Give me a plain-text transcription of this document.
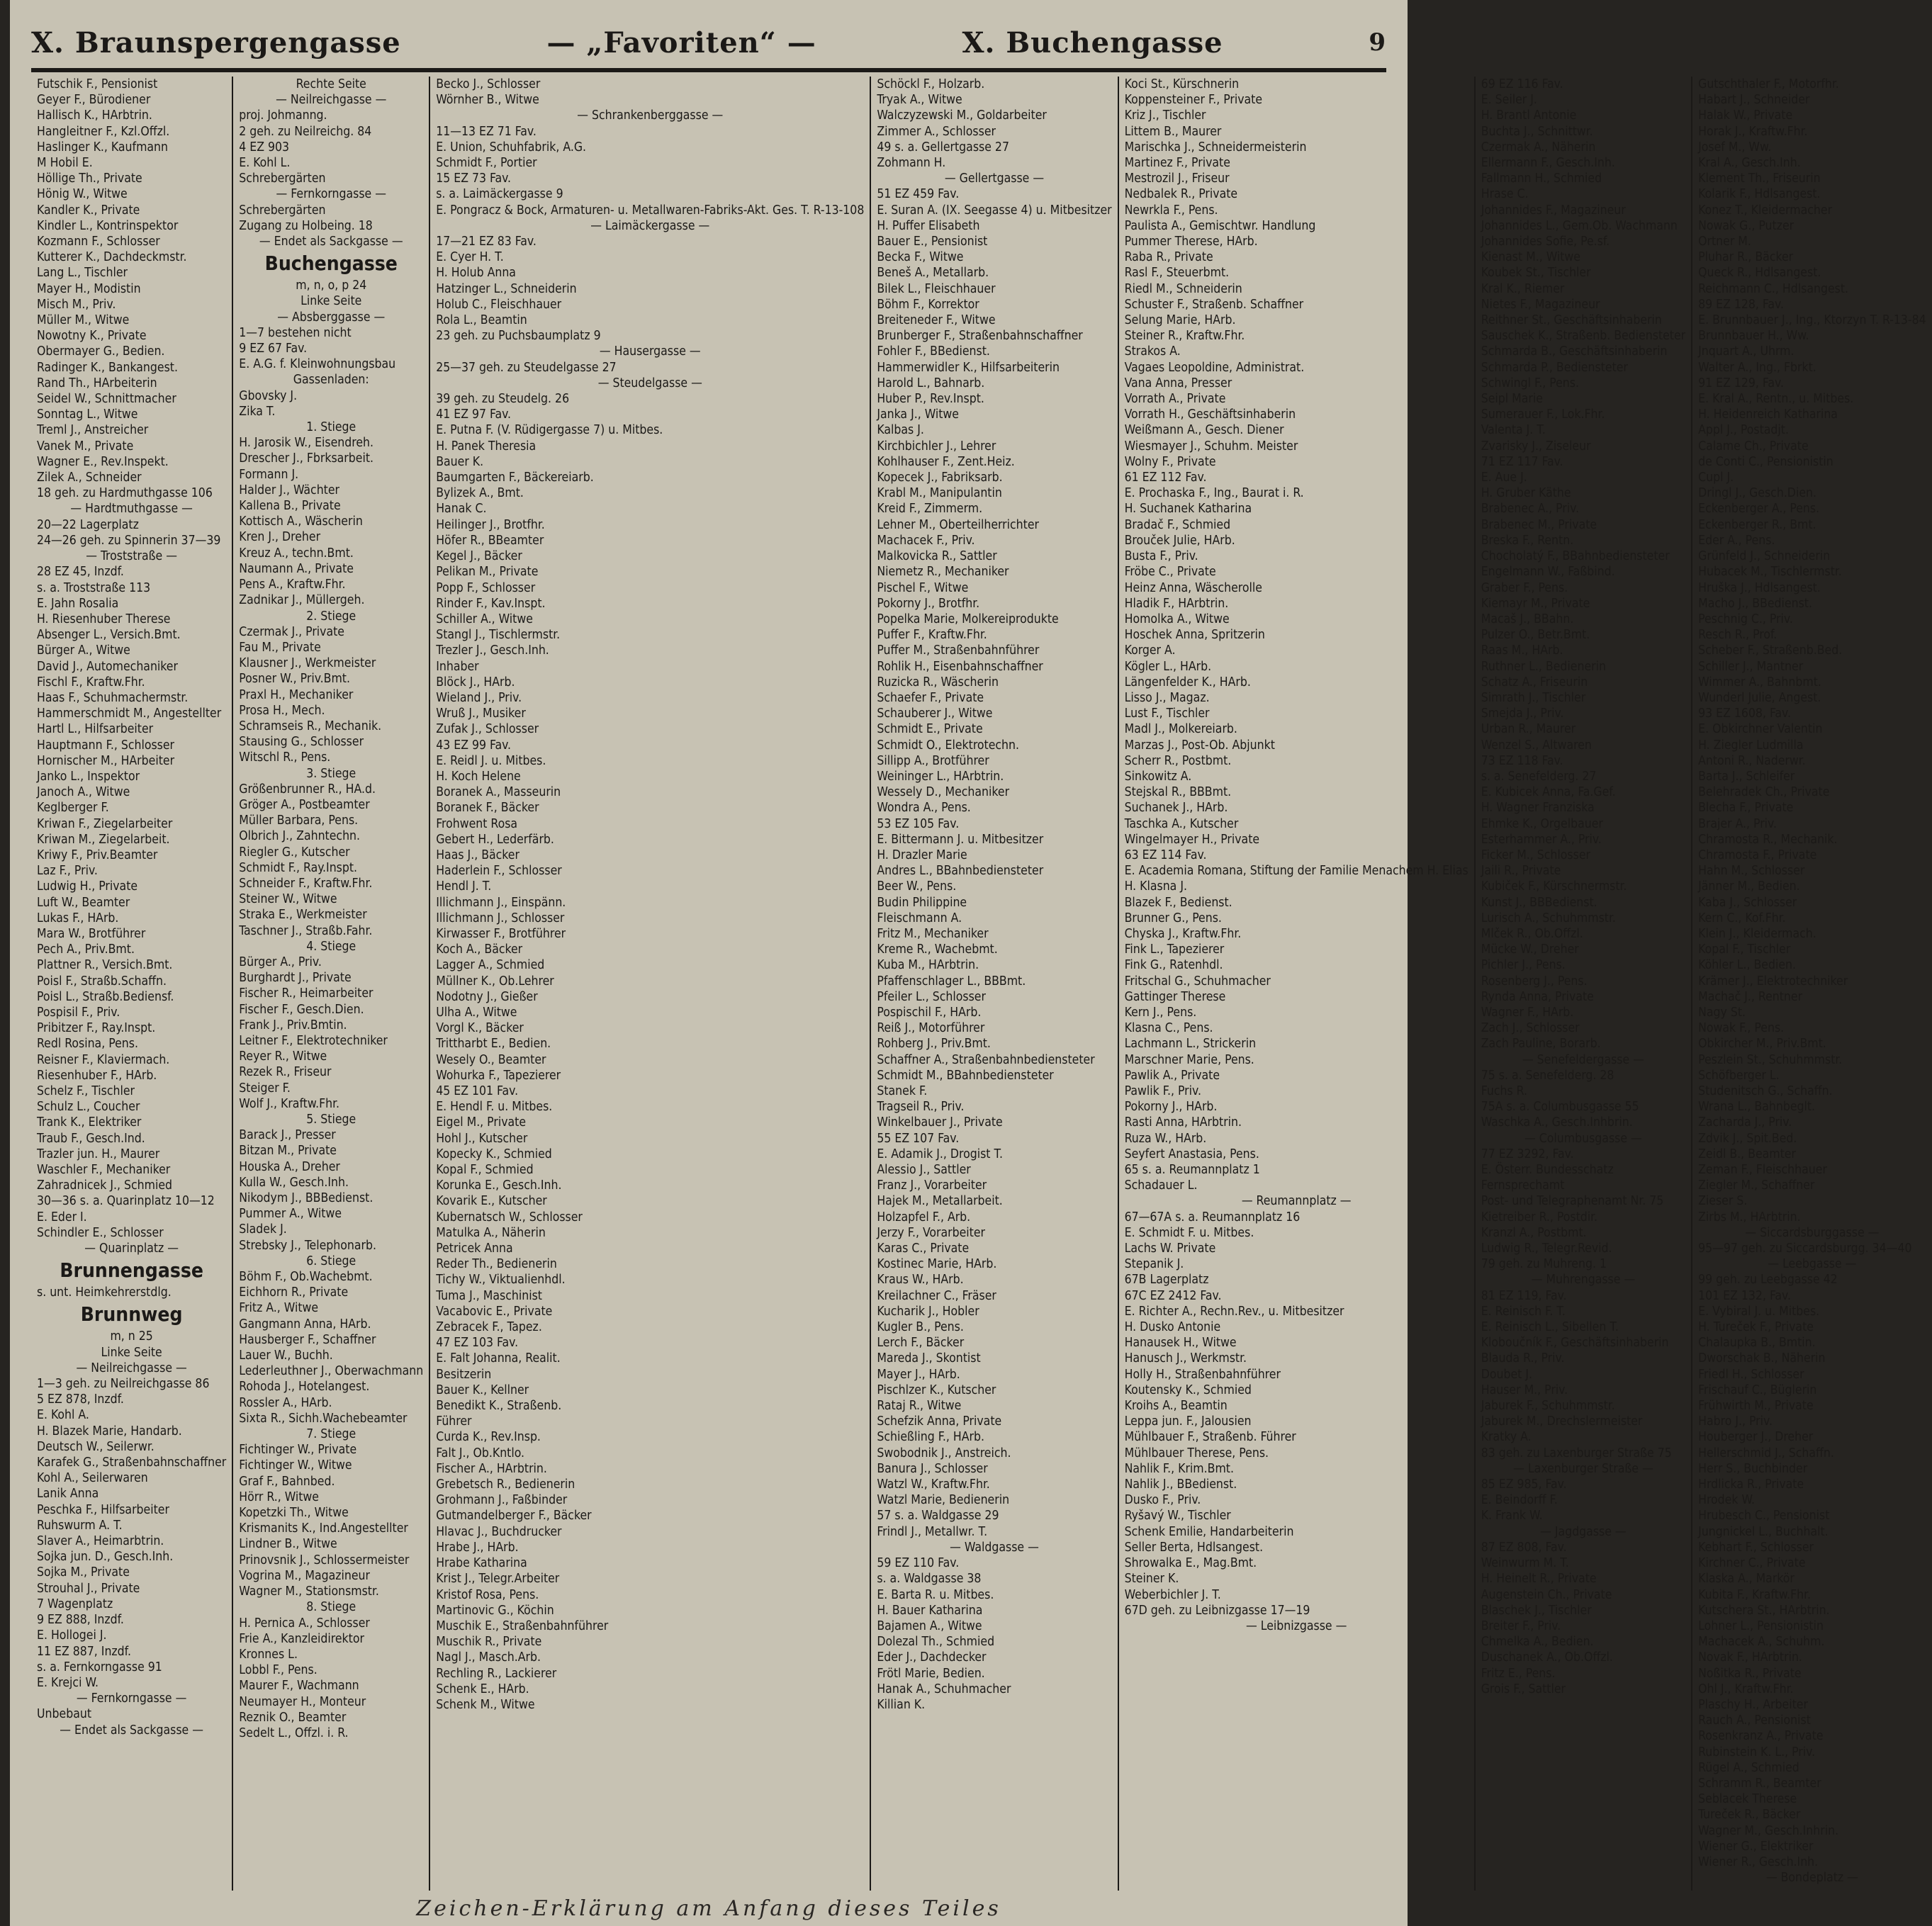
X. Braunspergengasse	— „Favoriten“ —	X. Buchengasse	9
Futschik F., Pensionist
Geyer F., Bürodiener
Hallisch K., HArbtrin.
Hangleitner F., Kzl.Offzl.
Haslinger K., Kaufmann
M Hobil E.
Höllige Th., Private
Hönig W., Witwe
Kandler K., Private
Kindler L., Kontrinspektor
Kozmann F., Schlosser
Kutterer K., Dachdeckmstr.
Lang L., Tischler
Mayer H., Modistin
Misch M., Priv.
Müller M., Witwe
Nowotny K., Private
Obermayer G., Bedien.
Radinger K., Bankangest.
Rand Th., HArbeiterin
Seidel W., Schnittmacher
Sonntag L., Witwe
Treml J., Anstreicher
Vanek M., Private
Wagner E., Rev.Inspekt.
Zilek A., Schneider
18 geh. zu Hardmuthgasse 106
— Hardtmuthgasse —
20—22 Lagerplatz
24—26 geh. zu Spinnerin 37—39
— Troststraße —
28 EZ 45, Inzdf.
s. a. Troststraße 113
E. Jahn Rosalia
H. Riesenhuber Therese
Absenger L., Versich.Bmt.
Bürger A., Witwe
David J., Automechaniker
Fischl F., Kraftw.Fhr.
Haas F., Schuhmachermstr.
Hammerschmidt M., Angestellter
Hartl L., Hilfsarbeiter
Hauptmann F., Schlosser
Hornischer M., HArbeiter
Janko L., Inspektor
Janoch A., Witwe
Keglberger F.
Kriwan F., Ziegelarbeiter
Kriwan M., Ziegelarbeit.
Kriwy F., Priv.Beamter
Laz F., Priv.
Ludwig H., Private
Luft W., Beamter
Lukas F., HArb.
Mara W., Brotführer
Pech A., Priv.Bmt.
Plattner R., Versich.Bmt.
Poisl F., Straßb.Schaffn.
Poisl L., Straßb.Bediensf.
Pospisil F., Priv.
Pribitzer F., Ray.Inspt.
Redl Rosina, Pens.
Reisner F., Klaviermach.
Riesenhuber F., HArb.
Schelz F., Tischler
Schulz L., Coucher
Trank K., Elektriker
Traub F., Gesch.Ind.
Trazler jun. H., Maurer
Waschler F., Mechaniker
Zahradnicek J., Schmied
30—36 s. a. Quarinplatz 10—12
E. Eder I.
Schindler E., Schlosser
— Quarinplatz —
Brunnengasse
s. unt. Heimkehrerstdlg.
Brunnweg
m, n 25
Linke Seite
— Neilreichgasse —
1—3 geh. zu Neilreichgasse 86
5 EZ 878, Inzdf.
E. Kohl A.
H. Blazek Marie, Handarb.
Deutsch W., Seilerwr.
Karafek G., Straßenbahnschaffner
Kohl A., Seilerwaren
Lanik Anna
Peschka F., Hilfsarbeiter
Ruhswurm A. T.
Slaver A., Heimarbtrin.
Sojka jun. D., Gesch.Inh.
Sojka M., Private
Strouhal J., Private
7 Wagenplatz
9 EZ 888, Inzdf.
E. Hollogei J.
11 EZ 887, Inzdf.
s. a. Fernkorngasse 91
E. Krejci W.
— Fernkorngasse —
Unbebaut
— Endet als Sackgasse —
Rechte Seite
— Neilreichgasse —
proj. Johmanng.
2 geh. zu Neilreichg. 84
4 EZ 903
E. Kohl L.
Schrebergärten
— Fernkorngasse —
Schrebergärten
Zugang zu Holbeing. 18
— Endet als Sackgasse —
Buchengasse
m, n, o, p 24
Linke Seite
— Absberggasse —
1—7 bestehen nicht
9 EZ 67 Fav.
E. A.G. f. Kleinwohnungsbau
Gassenladen:
Gbovsky J.
Zika T.
1. Stiege
H. Jarosik W., Eisendreh.
Drescher J., Fbrksarbeit.
Formann J.
Halder J., Wächter
Kallena B., Private
Kottisch A., Wäscherin
Kren J., Dreher
Kreuz A., techn.Bmt.
Naumann A., Private
Pens A., Kraftw.Fhr.
Zadnikar J., Müllergeh.
2. Stiege
Czermak J., Private
Fau M., Private
Klausner J., Werkmeister
Posner W., Priv.Bmt.
Praxl H., Mechaniker
Prosa H., Mech.
Schramseis R., Mechanik.
Stausing G., Schlosser
Witschl R., Pens.
3. Stiege
Größenbrunner R., HA.d.
Gröger A., Postbeamter
Müller Barbara, Pens.
Olbrich J., Zahntechn.
Riegler G., Kutscher
Schmidt F., Ray.Inspt.
Schneider F., Kraftw.Fhr.
Steiner W., Witwe
Straka E., Werkmeister
Taschner J., Straßb.Fahr.
4. Stiege
Bürger A., Priv.
Burghardt J., Private
Fischer R., Heimarbeiter
Fischer F., Gesch.Dien.
Frank J., Priv.Bmtin.
Leitner F., Elektrotechniker
Reyer R., Witwe
Rezek R., Friseur
Steiger F.
Wolf J., Kraftw.Fhr.
5. Stiege
Barack J., Presser
Bitzan M., Private
Houska A., Dreher
Kulla W., Gesch.Inh.
Nikodym J., BBBedienst.
Pummer A., Witwe
Sladek J.
Strebsky J., Telephonarb.
6. Stiege
Böhm F., Ob.Wachebmt.
Eichhorn R., Private
Fritz A., Witwe
Gangmann Anna, HArb.
Hausberger F., Schaffner
Lauer W., Buchh.
Lederleuthner J., Oberwachmann
Rohoda J., Hotelangest.
Rossler A., HArb.
Sixta R., Sichh.Wachebeamter
7. Stiege
Fichtinger W., Private
Fichtinger W., Witwe
Graf F., Bahnbed.
Hörr R., Witwe
Kopetzki Th., Witwe
Krismanits K., Ind.Angestellter
Lindner B., Witwe
Prinovsnik J., Schlossermeister
Vogrina M., Magazineur
Wagner M., Stationsmstr.
8. Stiege
H. Pernica A., Schlosser
Frie A., Kanzleidirektor
Kronnes L.
Lobbl F., Pens.
Maurer F., Wachmann
Neumayer H., Monteur
Reznik O., Beamter
Sedelt L., Offzl. i. R.
Becko J., Schlosser
Wörnher B., Witwe
— Schrankenberggasse —
11—13 EZ 71 Fav.
E. Union, Schuhfabrik, A.G.
Schmidt F., Portier
15 EZ 73 Fav.
s. a. Laimäckergasse 9
E. Pongracz & Bock, Armaturen- u. Metallwaren-Fabriks-Akt. Ges. T. R-13-108
— Laimäckergasse —
17—21 EZ 83 Fav.
E. Cyer H. T.
H. Holub Anna
Hatzinger L., Schneiderin
Holub C., Fleischhauer
Rola L., Beamtin
23 geh. zu Puchsbaumplatz 9
— Hausergasse —
25—37 geh. zu Steudelgasse 27
— Steudelgasse —
39 geh. zu Steudelg. 26
41 EZ 97 Fav.
E. Putna F. (V. Rüdigergasse 7) u. Mitbes.
H. Panek Theresia
Bauer K.
Baumgarten F., Bäckereiarb.
Bylizek A., Bmt.
Hanak C.
Heilinger J., Brotfhr.
Höfer R., BBeamter
Kegel J., Bäcker
Pelikan M., Private
Popp F., Schlosser
Rinder F., Kav.Inspt.
Schiller A., Witwe
Stangl J., Tischlermstr.
Trezler J., Gesch.Inh.
Inhaber
Blöck J., HArb.
Wieland J., Priv.
Wruß J., Musiker
Zufak J., Schlosser
43 EZ 99 Fav.
E. Reidl J. u. Mitbes.
H. Koch Helene
Boranek A., Masseurin
Boranek F., Bäcker
Frohwent Rosa
Gebert H., Lederfärb.
Haas J., Bäcker
Haderlein F., Schlosser
Hendl J. T.
Illichmann J., Einspänn.
Illichmann J., Schlosser
Kirwasser F., Brotführer
Koch A., Bäcker
Lagger A., Schmied
Müllner K., Ob.Lehrer
Nodotny J., Gießer
Ulha A., Witwe
Vorgl K., Bäcker
Trittharbt E., Bedien.
Wesely O., Beamter
Wohurka F., Tapezierer
45 EZ 101 Fav.
E. Hendl F. u. Mitbes.
Eigel M., Private
Hohl J., Kutscher
Kopecky K., Schmied
Kopal F., Schmied
Korunka E., Gesch.Inh.
Kovarik E., Kutscher
Kubernatsch W., Schlosser
Matulka A., Näherin
Petricek Anna
Reder Th., Bedienerin
Tichy W., Viktualienhdl.
Tuma J., Maschinist
Vacabovic E., Private
Zebracek F., Tapez.
47 EZ 103 Fav.
E. Falt Johanna, Realit.
Besitzerin
Bauer K., Kellner
Benedikt K., Straßenb.
Führer
Curda K., Rev.Insp.
Falt J., Ob.Kntlo.
Fischer A., HArbtrin.
Grebetsch R., Bedienerin
Grohmann J., Faßbinder
Gutmandelberger F., Bäcker
Hlavac J., Buchdrucker
Hrabe J., HArb.
Hrabe Katharina
Krist J., Telegr.Arbeiter
Kristof Rosa, Pens.
Martinovic G., Köchin
Muschik E., Straßenbahnführer
Muschik R., Private
Nagl J., Masch.Arb.
Rechling R., Lackierer
Schenk E., HArb.
Schenk M., Witwe
Schöckl F., Holzarb.
Tryak A., Witwe
Walczyzewski M., Goldarbeiter
Zimmer A., Schlosser
49 s. a. Gellertgasse 27
Zohmann H.
— Gellertgasse —
51 EZ 459 Fav.
E. Suran A. (IX. Seegasse 4) u. Mitbesitzer
H. Puffer Elisabeth
Bauer E., Pensionist
Becka F., Witwe
Beneš A., Metallarb.
Bilek L., Fleischhauer
Böhm F., Korrektor
Breiteneder F., Witwe
Brunberger F., Straßenbahnschaffner
Fohler F., BBedienst.
Hammerwidler K., Hilfsarbeiterin
Harold L., Bahnarb.
Huber P., Rev.Inspt.
Janka J., Witwe
Kalbas J.
Kirchbichler J., Lehrer
Kohlhauser F., Zent.Heiz.
Kopecek J., Fabriksarb.
Krabl M., Manipulantin
Kreid F., Zimmerm.
Lehner M., Oberteilherrichter
Machacek F., Priv.
Malkovicka R., Sattler
Niemetz R., Mechaniker
Pischel F., Witwe
Pokorny J., Brotfhr.
Popelka Marie, Molkereiprodukte
Puffer F., Kraftw.Fhr.
Puffer M., Straßenbahnführer
Rohlik H., Eisenbahnschaffner
Ruzicka R., Wäscherin
Schaefer F., Private
Schauberer J., Witwe
Schmidt E., Private
Schmidt O., Elektrotechn.
Sillipp A., Brotführer
Weininger L., HArbtrin.
Wessely D., Mechaniker
Wondra A., Pens.
53 EZ 105 Fav.
E. Bittermann J. u. Mitbesitzer
H. Drazler Marie
Andres L., BBahnbediensteter
Beer W., Pens.
Budin Philippine
Fleischmann A.
Fritz M., Mechaniker
Kreme R., Wachebmt.
Kuba M., HArbtrin.
Pfaffenschlager L., BBBmt.
Pfeiler L., Schlosser
Pospischil F., HArb.
Reiß J., Motorführer
Rohberg J., Priv.Bmt.
Schaffner A., Straßenbahnbediensteter
Schmidt M., BBahnbediensteter
Stanek F.
Tragseil R., Priv.
Winkelbauer J., Private
55 EZ 107 Fav.
E. Adamik J., Drogist T.
Alessio J., Sattler
Franz J., Vorarbeiter
Hajek M., Metallarbeit.
Holzapfel F., Arb.
Jerzy F., Vorarbeiter
Karas C., Private
Kostinec Marie, HArb.
Kraus W., HArb.
Kreilachner C., Fräser
Kucharik J., Hobler
Kugler B., Pens.
Lerch F., Bäcker
Mareda J., Skontist
Mayer J., HArb.
Pischlzer K., Kutscher
Rataj R., Witwe
Schefzik Anna, Private
Schießling F., HArb.
Swobodnik J., Anstreich.
Banura J., Schlosser
Watzl W., Kraftw.Fhr.
Watzl Marie, Bedienerin
57 s. a. Waldgasse 29
Frindl J., Metallwr. T.
— Waldgasse —
59 EZ 110 Fav.
s. a. Waldgasse 38
E. Barta R. u. Mitbes.
H. Bauer Katharina
Bajamen A., Witwe
Dolezal Th., Schmied
Eder J., Dachdecker
Frötl Marie, Bedien.
Hanak A., Schuhmacher
Killian K.
Koci St., Kürschnerin
Koppensteiner F., Private
Kriz J., Tischler
Littem B., Maurer
Marischka J., Schneidermeisterin
Martinez F., Private
Mestrozil J., Friseur
Nedbalek R., Private
Newrkla F., Pens.
Paulista A., Gemischtwr. Handlung
Pummer Therese, HArb.
Raba R., Private
Rasl F., Steuerbmt.
Riedl M., Schneiderin
Schuster F., Straßenb. Schaffner
Selung Marie, HArb.
Steiner R., Kraftw.Fhr.
Strakos A.
Vagaes Leopoldine, Administrat.
Vana Anna, Presser
Vorrath A., Private
Vorrath H., Geschäftsinhaberin
Weißmann A., Gesch. Diener
Wiesmayer J., Schuhm. Meister
Wolny F., Private
61 EZ 112 Fav.
E. Prochaska F., Ing., Baurat i. R.
H. Suchanek Katharina
Bradač F., Schmied
Brouček Julie, HArb.
Busta F., Priv.
Fröbe C., Private
Heinz Anna, Wäscherolle
Hladik F., HArbtrin.
Homolka A., Witwe
Hoschek Anna, Spritzerin
Korger A.
Kögler L., HArb.
Längenfelder K., HArb.
Lisso J., Magaz.
Lust F., Tischler
Madl J., Molkereiarb.
Marzas J., Post-Ob. Abjunkt
Scherr R., Postbmt.
Sinkowitz A.
Stejskal R., BBBmt.
Suchanek J., HArb.
Taschka A., Kutscher
Wingelmayer H., Private
63 EZ 114 Fav.
E. Academia Romana, Stiftung der Familie Menachem H. Elias
H. Klasna J.
Blazek F., Bedienst.
Brunner G., Pens.
Chyska J., Kraftw.Fhr.
Fink L., Tapezierer
Fink G., Ratenhdl.
Fritschal G., Schuhmacher
Gattinger Therese
Kern J., Pens.
Klasna C., Pens.
Lachmann L., Strickerin
Marschner Marie, Pens.
Pawlik A., Private
Pawlik F., Priv.
Pokorny J., HArb.
Rasti Anna, HArbtrin.
Ruza W., HArb.
Seyfert Anastasia, Pens.
65 s. a. Reumannplatz 1
Schadauer L.
— Reumannplatz —
67—67A s. a. Reumannplatz 16
E. Schmidt F. u. Mitbes.
Lachs W. Private
Stepanik J.
67B Lagerplatz
67C EZ 2412 Fav.
E. Richter A., Rechn.Rev., u. Mitbesitzer
H. Dusko Antonie
Hanausek H., Witwe
Hanusch J., Werkmstr.
Holly H., Straßenbahnführer
Koutensky K., Schmied
Kroihs A., Beamtin
Leppa jun. F., Jalousien
Mühlbauer F., Straßenb. Führer
Mühlbauer Therese, Pens.
Nahlik F., Krim.Bmt.
Nahlik J., BBedienst.
Dusko F., Priv.
Ryšavý W., Tischler
Schenk Emilie, Handarbeiterin
Seller Berta, Hdlsangest.
Shrowalka E., Mag.Bmt.
Steiner K.
Weberbichler J. T.
67D geh. zu Leibnizgasse 17—19
— Leibnizgasse —
69 EZ 116 Fav.
E. Seiler J.
H. Brantl Antonie
Buchta J., Schnittwr.
Czermak A., Näherin
Ellermann F., Gesch.Inh.
Fallmann H., Schmied
Hrase C.
Johannides F., Magazineur
Johannides L., Gem.Ob. Wachmann
Johannides Sofie, Pe.sf.
Kienast M., Witwe
Koubek St., Tischler
Kral K., Riemer
Nietes F., Magazineur
Reithner St., Geschäftsinhaberin
Sauschek K., Straßenb. Bediensteter
Schmarda B., Geschäftsinhaberin
Schmarda P., Bediensteter
Schwingl F., Pens.
Seipl Marie
Sumerauer F., Lok.Fhr.
Valenta J. T.
Zvarisky J., Ziseleur
71 EZ 117 Fav.
E. Aue J.
H. Gruber Käthe
Brabenec A., Priv.
Brabenec M., Private
Breska F., Rentn.
Chocholatý F., BBahnbediensteter
Engelmann W., Faßbind.
Graber F., Pens.
Kiemayr M., Private
Macaš J., BBahn.
Pulzer O., Betr.Bmt.
Raas M., HArb.
Ruthner L., Bedienerin
Schatz A., Friseurin
Simrath J., Tischler
Smejda J., Priv.
Urban R., Maurer
Wenzel S., Altwaren
73 EZ 118 Fav.
s. a. Senefelderg. 27
E. Kubicek Anna, Fa.Gef.
H. Wagner Franziska
Ehmke K., Orgelbauer
Esterhammer A., Priv.
Ficker M., Schlosser
Jaili R., Private
Kubiček F., Kürschnermstr.
Kunst J., BBBedienst.
Lurisch A., Schuhmmstr.
Mlček R., Ob.Offzl.
Mücke W., Dreher
Pichler J., Pens.
Rosenberg J., Pens.
Rynda Anna, Private
Wagner F., HArb.
Zach J., Schlosser
Zach Pauline, Borarb.
— Senefeldergasse —
75 s. a. Senefelderg. 28
Fuchs R.
75A s. a. Columbusgasse 55
Waschka A., Gesch.Inhbrin.
— Columbusgasse —
77 EZ 3292, Fav.
E. Österr. Bundesschatz
Fernsprechamt
Post- und Telegraphenamt Nr. 75
Kietreiber R., Postdir.
Kranzl A., Postbmt.
Ludwig R., Telegr.Revid.
79 geh. zu Muhreng. 1
— Muhrengasse —
81 EZ 119, Fav.
E. Reinisch F. T.
E. Reinisch L., Sibellen T.
Kloboučník F., Geschäftsinhaberin
Blauda R., Priv.
Doubet J.
Hauser M., Priv.
Jaburek F., Schuhmmstr.
Jaburek M., Drechslermeister
Kratky A.
83 geh. zu Laxenburger Straße 75
— Laxenburger Straße —
85 EZ 985, Fav.
E. Beindorff F.
K. Frank W.
— Jagdgasse —
87 EZ 808, Fav.
Weinwurm M. T.
H. Heinelt R., Private
Augenstein Ch., Private
Blaschek J., Tischler
Breiter F., Priv.
Chmelka A., Bedien.
Duschanek A., Ob.Offzl.
Fritz E., Pens.
Grois F., Sattler
Gutschthaler F., Motorfhr.
Habart J., Schneider
Halak W., Private
Horak J., Kraftw.Fhr.
Josef M., Ww.
Kral A., Gesch.Inh.
Klement Th., Friseurin
Kolarik F., Hdlsangest.
Konez T., Kleidermacher
Nowak G., Putzer
Ortner M.
Pluhar R., Bäcker
Queck R., Hdlsangest.
Reichmann C., Hdlsangest.
89 EZ 128, Fav.
E. Brunnbauer J., Ing., Ktorzyn T. R-13-84
Brunnbauer H., Ww.
Jnquart A., Uhrm.
Walter A., Ing., Fbrkt.
91 EZ 129, Fav.
E. Kral A., Rentn., u. Mitbes.
H. Heidenreich Katharina
Appl J., Postadjt.
Calame Ch., Private
de Conti C., Pensionistin
Cupl J.
Dringl J., Gesch.Dien.
Eckenberger A., Pens.
Eckenberger R., Bmt.
Eder A., Pens.
Grünfeld J., Schneiderin
Hubacek M., Tischlermstr.
Hruška J., Hdlsangest.
Macho J., BBedienst.
Peschnig C., Priv.
Resch R., Prof.
Scheber F., Straßenb.Bed.
Schiller J., Mantner
Wimmer A., Bahnbmt.
Wunderl Julie, Angest.
93 EZ 1608, Fav.
E. Obkirchner Valentin
H. Ziegler Ludmilla
Antoni R., Naderwr.
Barta J., Schleifer
Belehradek Ch., Private
Blecha F., Private
Brajer A., Priv.
Chramosta R., Mechanik.
Chramosta F., Private
Hahn M., Schlosser
Jänner M., Bedien.
Kaba J., Schlosser
Kern C., Kof.Fhr.
Klein J., Kleidermach.
Kopal F., Tischler
Köhler L., Bedien.
Krämer J., Elektrotechniker
Machač J., Rentner
Nagy St.
Nowak F., Pens.
Obkircher M., Priv.Bmt.
Peszlein St., Schuhmmstr.
Schöfberger L.
Studenitsch G., Schaffn.
Wrana L., Bahnbeglt.
Zacharda J., Priv.
Zdvik J., Spit.Bed.
Zeidl B., Beamter
Zeman F., Fleischhauer
Ziegler M., Schaffner
Zieser S.
Zirbs M., HArbtrin.
— Siccardsburggasse —
95—97 geh. zu Siccardsburgg. 34—40
— Leebgasse —
99 geh. zu Leebgasse 42
101 EZ 132, Fav.
E. Vybiral J. u. Mitbes.
H. Tureček F., Private
Chalaupka B., Bmtin.
Dworschak B., Näherin
Friedl H., Schlosser
Frischauf C., Büglerin
Frühwirth M., Private
Habro J., Priv.
Houberger J., Dreher
Hellerschmid J., Schaffn.
Herr S., Buchbinder
Hrdlicka R., Private
Hrodek W.
Hrubesch C., Pensionist
Jungnickel L., Buchhalt.
Kebhart F., Schlosser
Kirchner C., Private
Klaska A., Markör
Kubita F., Kraftw.Fhr.
Kutschera St., HArbtrin.
Lohner L., Pensionistin
Machacek A., Schuhm.
Novak F., HArbtrin.
Noßitka R., Private
Ohl J., Kraftw.Fhr.
Plaschy H., Arbeiter
Rauch A., Pensionist
Rosenkranz A., Private
Rubinstein K. L., Priv.
Rügel A., Schmied
Schramm R., Beamter
Seblacek Therese
Tureček R., Bäcker
Wagner M., Gesch.Inhrin.
Wiener G., Elektriker
Wiener R., Gesch.Inh.
— Bondeplatz —
Zeichen-Erklärung am Anfang dieses Teiles
